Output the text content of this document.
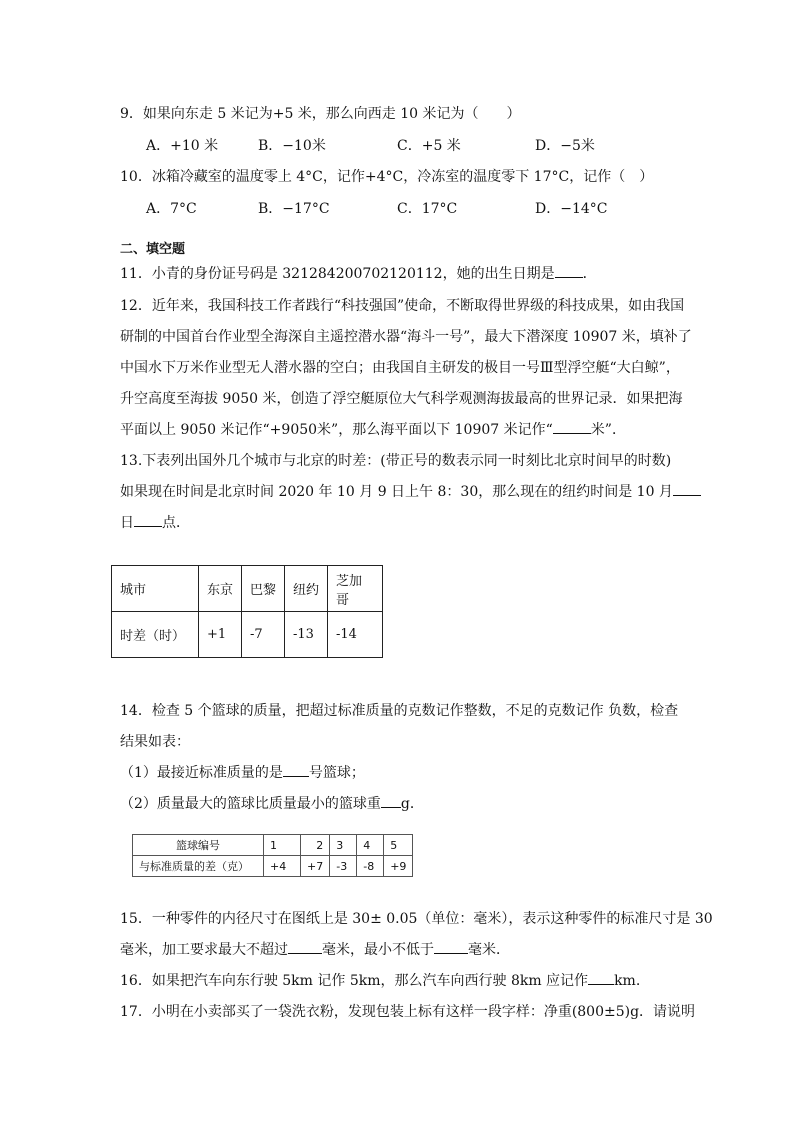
9．如果向东走 5 米记为+5 米，那么向西走 10 米记为（　　）
A．+10 米	B．−10米	C．+5 米	D．−5米
10．冰箱冷藏室的温度零上 4°C，记作+4°C，冷冻室的温度零下 17°C，记作（　）
A．7°C	B．−17°C	C．17°C	D．−14°C
二、填空题
11．小青的身份证号码是 321284200702120112，她的出生日期是 ．
12．近年来，我国科技工作者践行“科技强国”使命，不断取得世界级的科技成果，如由我国
研制的中国首台作业型全海深自主遥控潜水器“海斗一号”，最大下潜深度 10907 米，填补了
中国水下万米作业型无人潜水器的空白；由我国自主研发的极目一号Ⅲ型浮空艇“大白鲸”，
升空高度至海拔 9050 米，创造了浮空艇原位大气科学观测海拔最高的世界记录．如果把海
平面以上 9050 米记作“+9050米”，那么海平面以下 10907 米记作“	米”．
13.下表列出国外几个城市与北京的时差：(带正号的数表示同一时刻比北京时间早的时数)
如果现在时间是北京时间 2020 年 10 月 9 日上午 8：30，那么现在的纽约时间是 10 月
日 点．
城市	东京	巴黎	纽约	芝加哥
时差（时）	+1	-7	-13	-14
14．检查 5 个篮球的质量，把超过标准质量的克数记作整数，不足的克数记作 负数，检查
结果如表：
（1）最接近标准质量的是 号篮球；
（2）质量最大的篮球比质量最小的篮球重 g．
篮球编号	1	2	3	4	5
与标准质量的差（克）	+4	+7	-3	-8	+9
15．一种零件的内径尺寸在图纸上是 30± 0.05（单位：毫米），表示这种零件的标准尺寸是 30
毫米，加工要求最大不超过 毫米，最小不低于 毫米．
16．如果把汽车向东行驶 5km 记作 5km，那么汽车向西行驶 8km 应记作 km.
17．小明在小卖部买了一袋洗衣粉，发现包装上标有这样一段字样：净重(800±5)g．请说明
